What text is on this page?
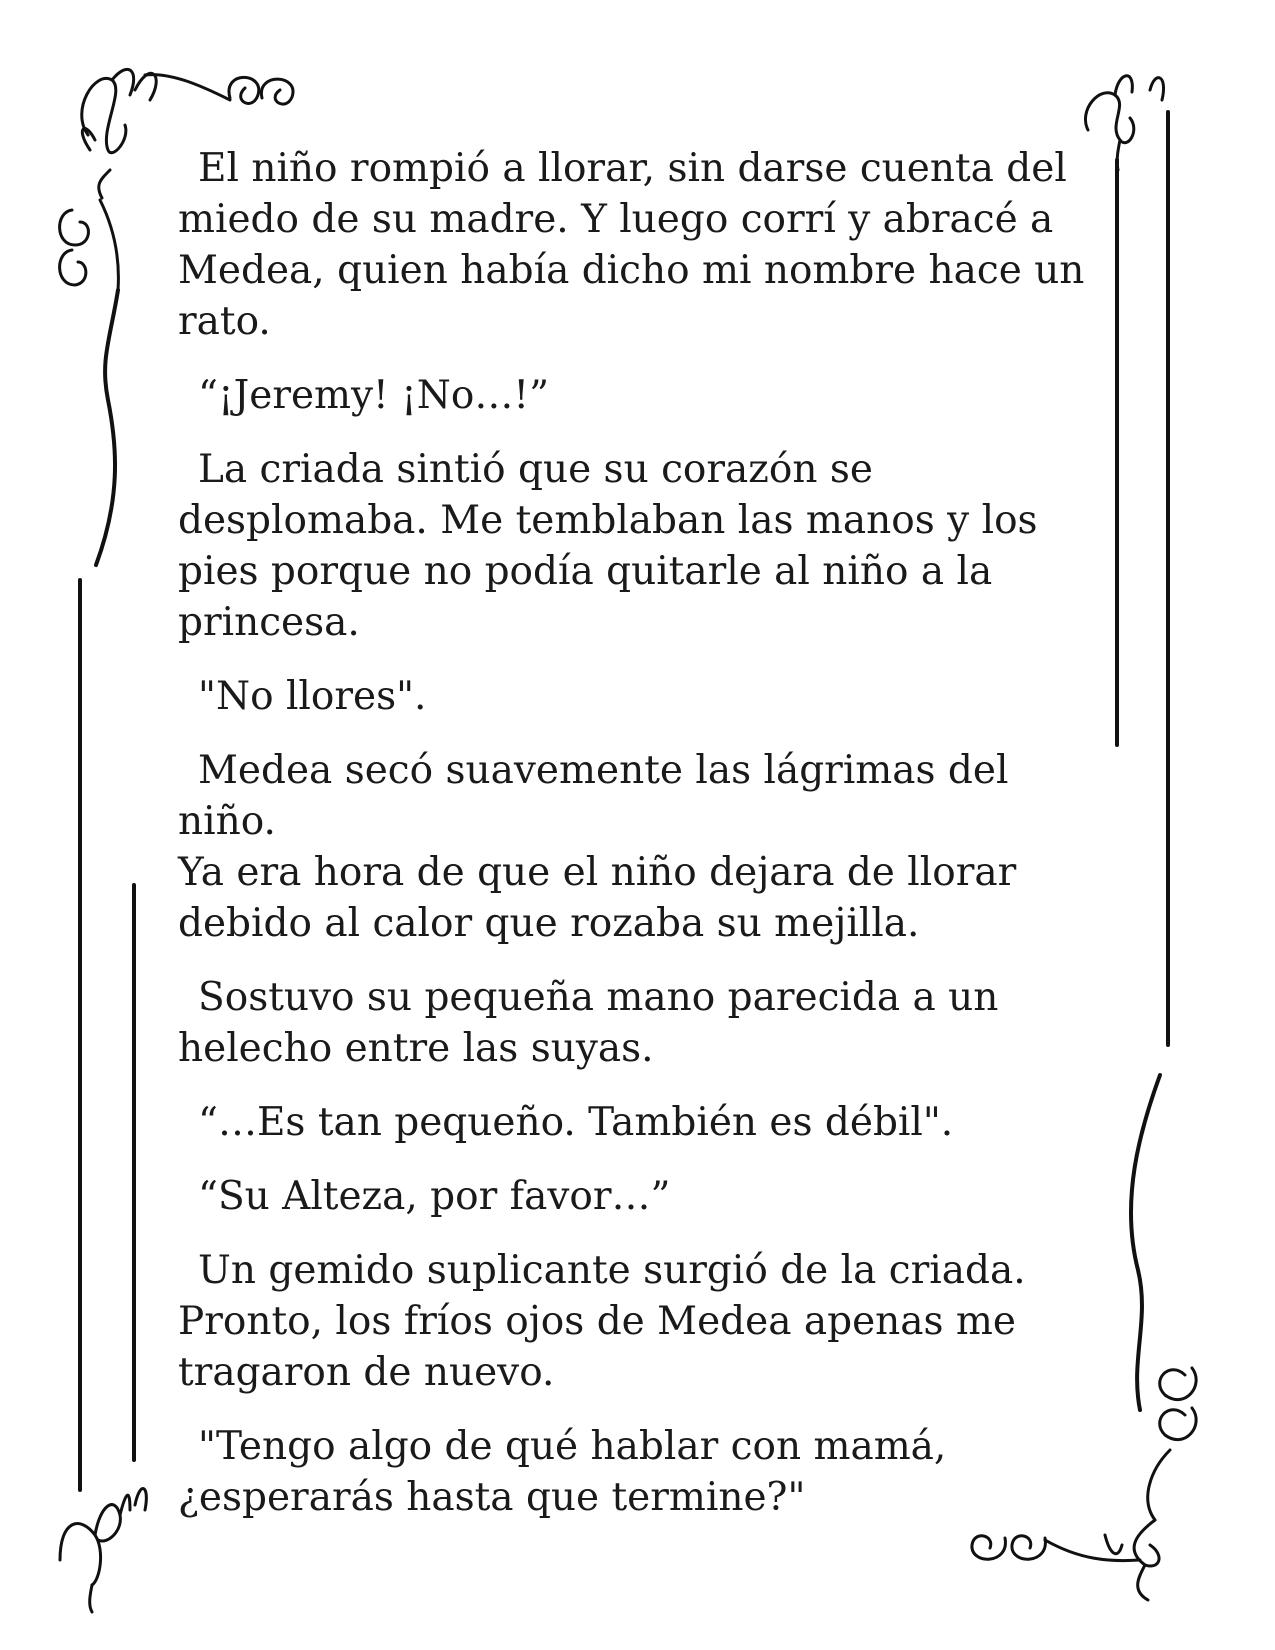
El niño rompió a llorar, sin darse cuenta del
miedo de su madre. Y luego corrí y abracé a
Medea, quien había dicho mi nombre hace un
rato.

“¡Jeremy! ¡No…!”

La criada sintió que su corazón se
desplomaba. Me temblaban las manos y los
pies porque no podía quitarle al niño a la
princesa.

"No llores".

Medea secó suavemente las lágrimas del niño.
Ya era hora de que el niño dejara de llorar
debido al calor que rozaba su mejilla.

Sostuvo su pequeña mano parecida a un
helecho entre las suyas.

“…Es tan pequeño. También es débil".

“Su Alteza, por favor…”

Un gemido suplicante surgió de la criada.
Pronto, los fríos ojos de Medea apenas me
tragaron de nuevo.

"Tengo algo de qué hablar con mamá,
¿esperarás hasta que termine?"
